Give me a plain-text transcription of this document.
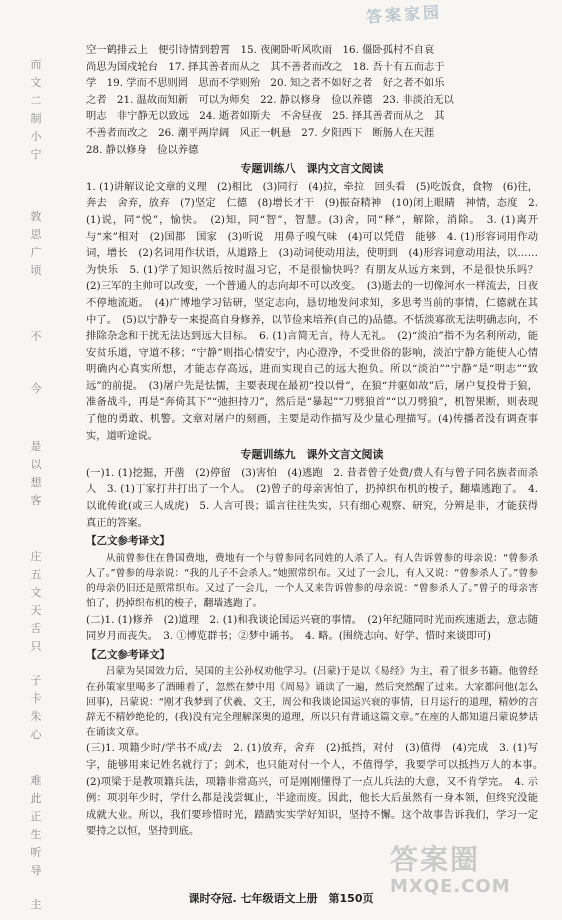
答案家园
而
文
二
制
小
宁
敦
思
广
顷
不
今
是
以
想
客
庄
五
文
天
舌
只
子
卡
朱
心
难
此
正
生
听
导
主
空一鹤排云上　便引诗情到碧霄　15. 夜阑卧听风吹雨　16. 僵卧孤村不自哀
尚思为国戍轮台　17. 择其善者而从之　其不善者而改之　18. 吾十有五而志于
学　19. 学而不思则罔　思而不学则殆　20. 知之者不如好之者　好之者不如乐
之者　21. 温故而知新　可以为师矣　22. 静以修身　俭以养德　23. 非淡泊无以
明志　非宁静无以致远　24. 逝者如斯夫　不舍昼夜　25. 择其善者而从之　其
不善者而改之　26. 潮平两岸阔　风正一帆悬　27. 夕阳西下　断肠人在天涯
28. 静以修身　俭以养德
专题训练八　课内文言文阅读

1. (1)讲解议论文章的义理　(2)相比　(3)同行　(4)拉，牵拉　回头看　(5)吃饭食，食物　(6)往，奔去　舍弃，放弃　(7)坚定　仁德　(8)增长才干　(9)振奋精神　(10)闭上眼睛　神情，态度　2. (1)说，同“悦”，愉快。　(2)知，同“智”，智慧。(3)舍，同“释”，解除，消除。　3. (1)离开　与“来”相对　(2)国都　国家　(3)听说　用鼻子嗅气味　(4)可以凭借　能够　4. (1)形容词用作动词，增长　(2)名词用作状语，从道路上　(3)动词使动用法，使明到　(4)形容词意动用法，以……为快乐　5. (1)学了知识然后按时温习它，不是很愉快吗？有朋友从远方来到，不是很快乐吗？　(2)三军的主帅可以改变，一个普通人的志向却不可以改变。　(3)逝去的一切像河水一样流去，日夜不停地流逝。　(4)广博地学习钻研，坚定志向，恳切地发问求知，多思考当前的事情，仁德就在其中了。　(5)以宁静专一来提高自身修养，以节俭来培养(自己的)品德。不恬淡寡欲无法明确志向，不排除杂念和干扰无法达到远大目标。　6. (1)言简无言，待人无礼。　(2)“淡泊”指不为名利所动，能安贫乐道，守道不移；“宁静”则指心情安宁，内心澄净，不受世俗的影响，淡泊宁静方能使人心情明确内心真实所想，才能志存高远，进而实现自己的远大抱负。所以“淡泊”“宁静”是“明志”“致远”的前提。　(3)屠户先是怯懦，主要表现在最初“投以骨”，在狼“并驱如故”后，屠户复投骨于狼，准备战斗，再是“奔倚其下”“弛担持刀”，然后是“暴起”“刀劈狼首”“以刀劈狼”，机智果断，则表现了他的勇敢、机警。文章对屠户的刻画，主要是动作描写及少量心理描写。(4)传播者没有调查事实，道听途说。

专题训练九　课外文言文阅读

(一)1. (1)挖掘，开凿　(2)停留　(3)害怕　(4)逃跑　2. 昔者曾子处费/费人有与曾子同名族者而杀人　3. (1)丁家打井打出了一个人。　(2)曾子的母亲害怕了，扔掉织布机的梭子，翻墙逃跑了。　4. 以讹传讹(或三人成虎)　5. 人言可畏；谣言往往失实，只有细心观察、研究，分辨是非，才能获得真正的答案。

【乙文参考译文】

从前曾参住在鲁国费地，费地有一个与曾参同名同姓的人杀了人。有人告诉曾参的母亲说：“曾参杀人了。”曾参的母亲说：“我的儿子不会杀人。”她照常织布。又过了一会儿，有人又说：“曾参杀人了。”曾参的母亲仍旧还是照常织布。又过了一会儿，一个人又来告诉曾参的母亲说：“曾参杀人了。”曾子的母亲害怕了，扔掉织布机的梭子，翻墙逃跑了。

(二)1. (1)修养　(2)道理　2. (1)和我谈论国运兴衰的事情。　(2)年纪随同时光而疾速逝去，意志随同岁月而丧失。　3. ①博览群书；②梦中诵书。　4. 略。(围绕志向、好学、惜时来谈即可)

【乙文参考译文】

吕蒙为吴国效力后，吴国的主公孙权劝他学习。(吕蒙)于是以《易经》为主，看了很多书籍。他曾经在孙策家里喝多了酒睡着了，忽然在梦中用《周易》诵读了一遍，然后突然醒了过来。大家都问他(怎么回事)，吕蒙说：“刚才我梦到了伏羲、文王，周公和我谈论国运兴衰的事情，日月运行的道理，精妙的言辞无不精妙绝伦的，(我)没有完全理解深奥的道理，所以只有背诵这篇文章。”在座的人都知道吕蒙说梦话在诵读文章。

(三)1. 项籍少时/学书不成/去　2. (1)放弃，舍弃　(2)抵挡，对付　(3)值得　(4)完成　3. (1)写字，能够用来记姓名就行了；剑术，也只能对付一个人，不值得学，我要学可以抵挡万人的本事。　(2)项梁于是教项籍兵法，项籍非常高兴，可是刚刚懂得了一点儿兵法的大意，又不肯学完。　4. 示例：项羽年少时，学什么都是浅尝辄止，半途而废。因此，他长大后虽然有一身本领，但终究没能成就大业。所以，我们要珍惜时光，踏踏实实学好知识，坚持不懈。这个故事告诉我们，学习一定要持之以恒，坚持到底。

课时夺冠. 七年级语文上册　第150页
答案圈
MXQE.COM
